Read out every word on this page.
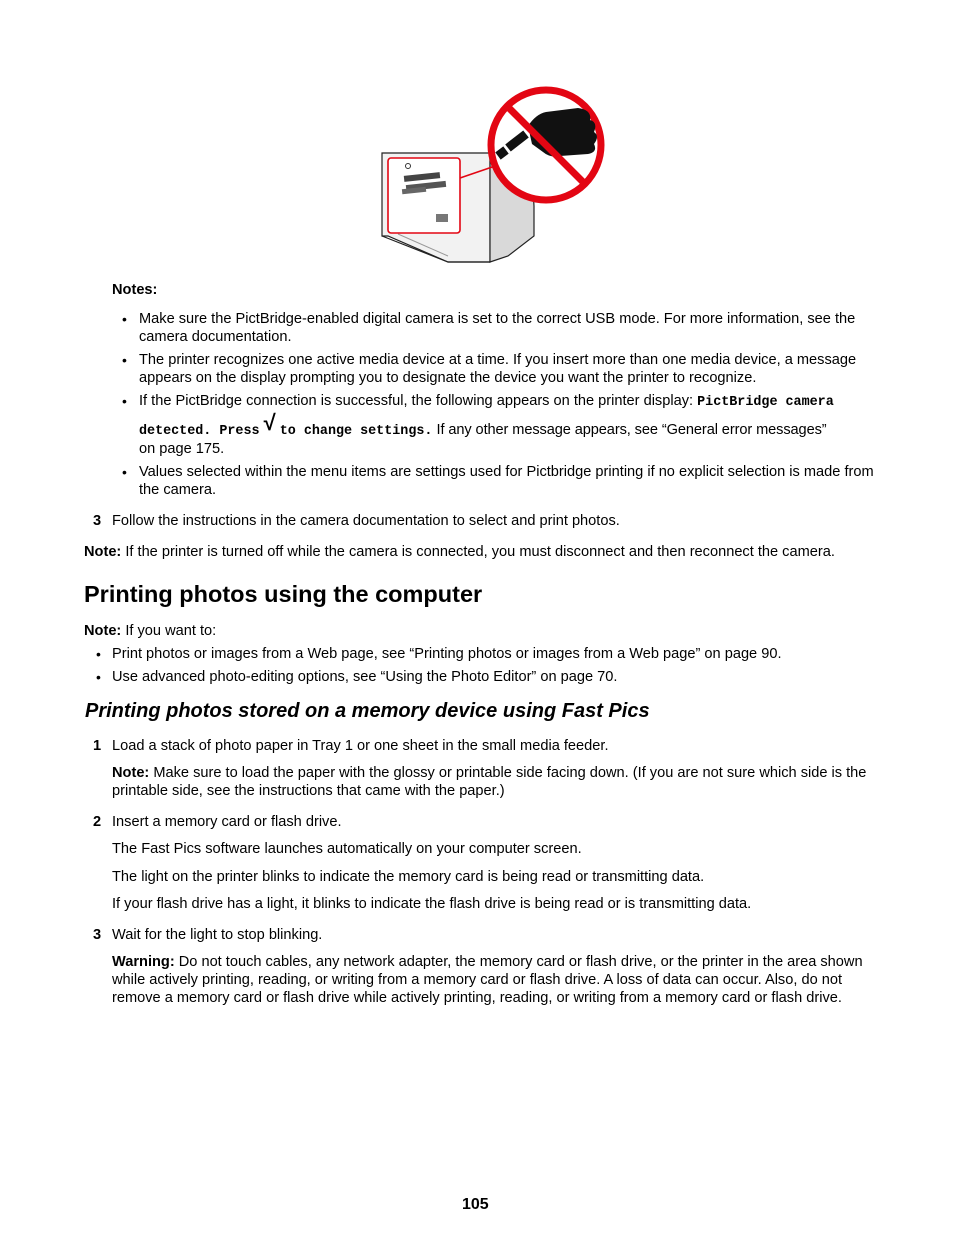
Notes:
• Make sure the PictBridge-enabled digital camera is set to the correct USB mode. For more information, see the camera documentation.
• The printer recognizes one active media device at a time. If you insert more than one media device, a message appears on the display prompting you to designate the device you want the printer to recognize.
• If the PictBridge connection is successful, the following appears on the printer display: PictBridge camera
detected. Press √ to change settings. If any other message appears, see “General error messages”
on page 175.
• Values selected within the menu items are settings used for Pictbridge printing if no explicit selection is made from the camera.
3 Follow the instructions in the camera documentation to select and print photos.
Note: If the printer is turned off while the camera is connected, you must disconnect and then reconnect the camera.
Printing photos using the computer
Note: If you want to:
• Print photos or images from a Web page, see “Printing photos or images from a Web page” on page 90.
• Use advanced photo-editing options, see “Using the Photo Editor” on page 70.
Printing photos stored on a memory device using Fast Pics
1 Load a stack of photo paper in Tray 1 or one sheet in the small media feeder.
Note: Make sure to load the paper with the glossy or printable side facing down. (If you are not sure which side is the printable side, see the instructions that came with the paper.)
2 Insert a memory card or flash drive.
The Fast Pics software launches automatically on your computer screen.
The light on the printer blinks to indicate the memory card is being read or transmitting data.
If your flash drive has a light, it blinks to indicate the flash drive is being read or is transmitting data.
3 Wait for the light to stop blinking.
Warning: Do not touch cables, any network adapter, the memory card or flash drive, or the printer in the area shown while actively printing, reading, or writing from a memory card or flash drive. A loss of data can occur. Also, do not remove a memory card or flash drive while actively printing, reading, or writing from a memory card or flash drive.
105
